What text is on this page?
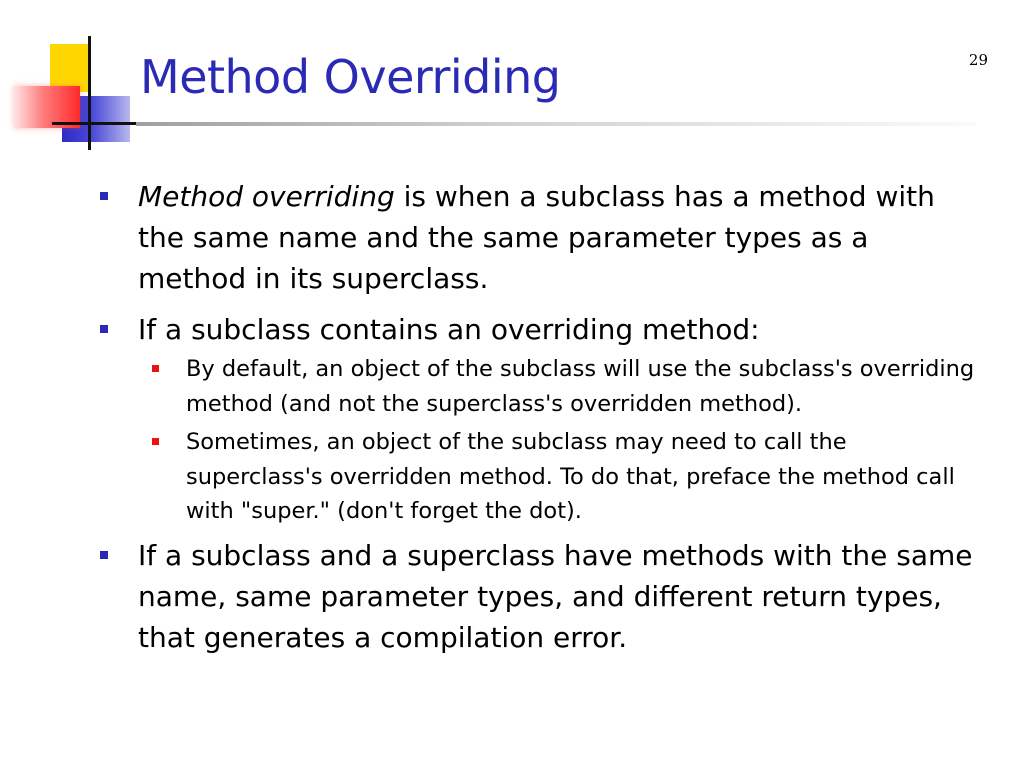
Method Overriding	29
Method overriding is when a subclass has a method with the same name and the same parameter types as a method in its superclass.
If a subclass contains an overriding method:
By default, an object of the subclass will use the subclass's overriding method (and not the superclass's overridden method).
Sometimes, an object of the subclass may need to call the superclass's overridden method. To do that, preface the method call with "super." (don't forget the dot).
If a subclass and a superclass have methods with the same name, same parameter types, and different return types, that generates a compilation error.
